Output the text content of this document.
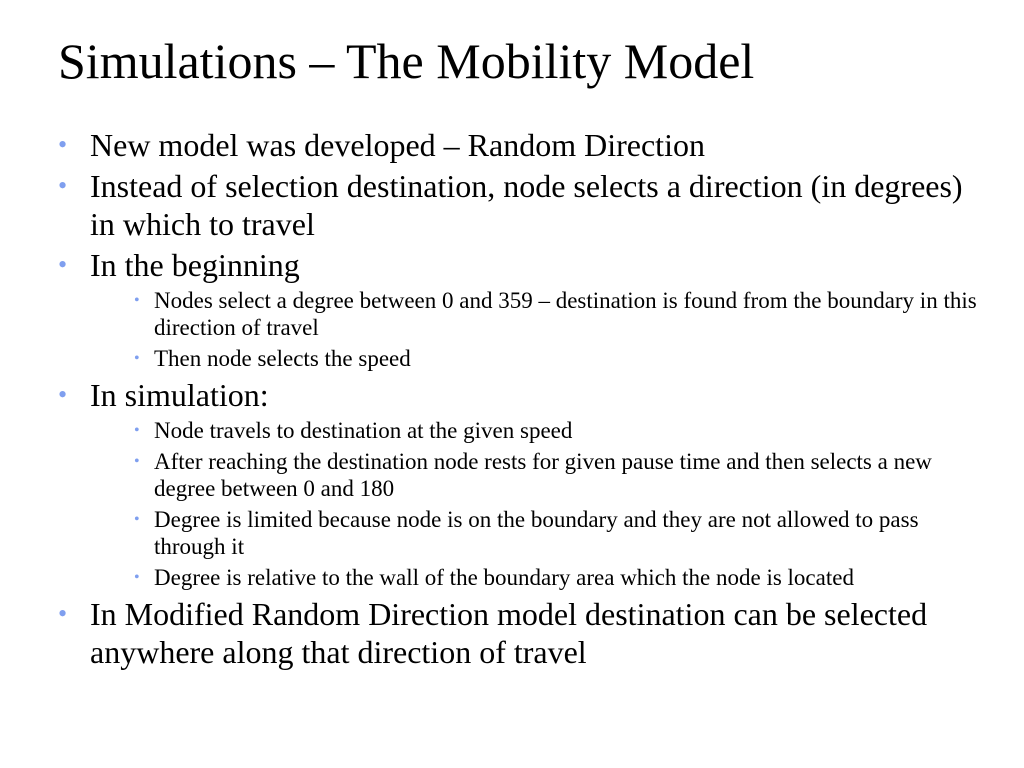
Simulations – The Mobility Model
• New model was developed – Random Direction
• Instead of selection destination, node selects a direction (in degrees) in which to travel
• In the beginning
• Nodes select a degree between 0 and 359 – destination is found from the boundary in this direction of travel
• Then node selects the speed
• In simulation:
• Node travels to destination at the given speed
• After reaching the destination node rests for given pause time and then selects a new degree between 0 and 180
• Degree is limited because node is on the boundary and they are not allowed to pass through it
• Degree is relative to the wall of the boundary area which the node is located
• In Modified Random Direction model destination can be selected anywhere along that direction of travel
